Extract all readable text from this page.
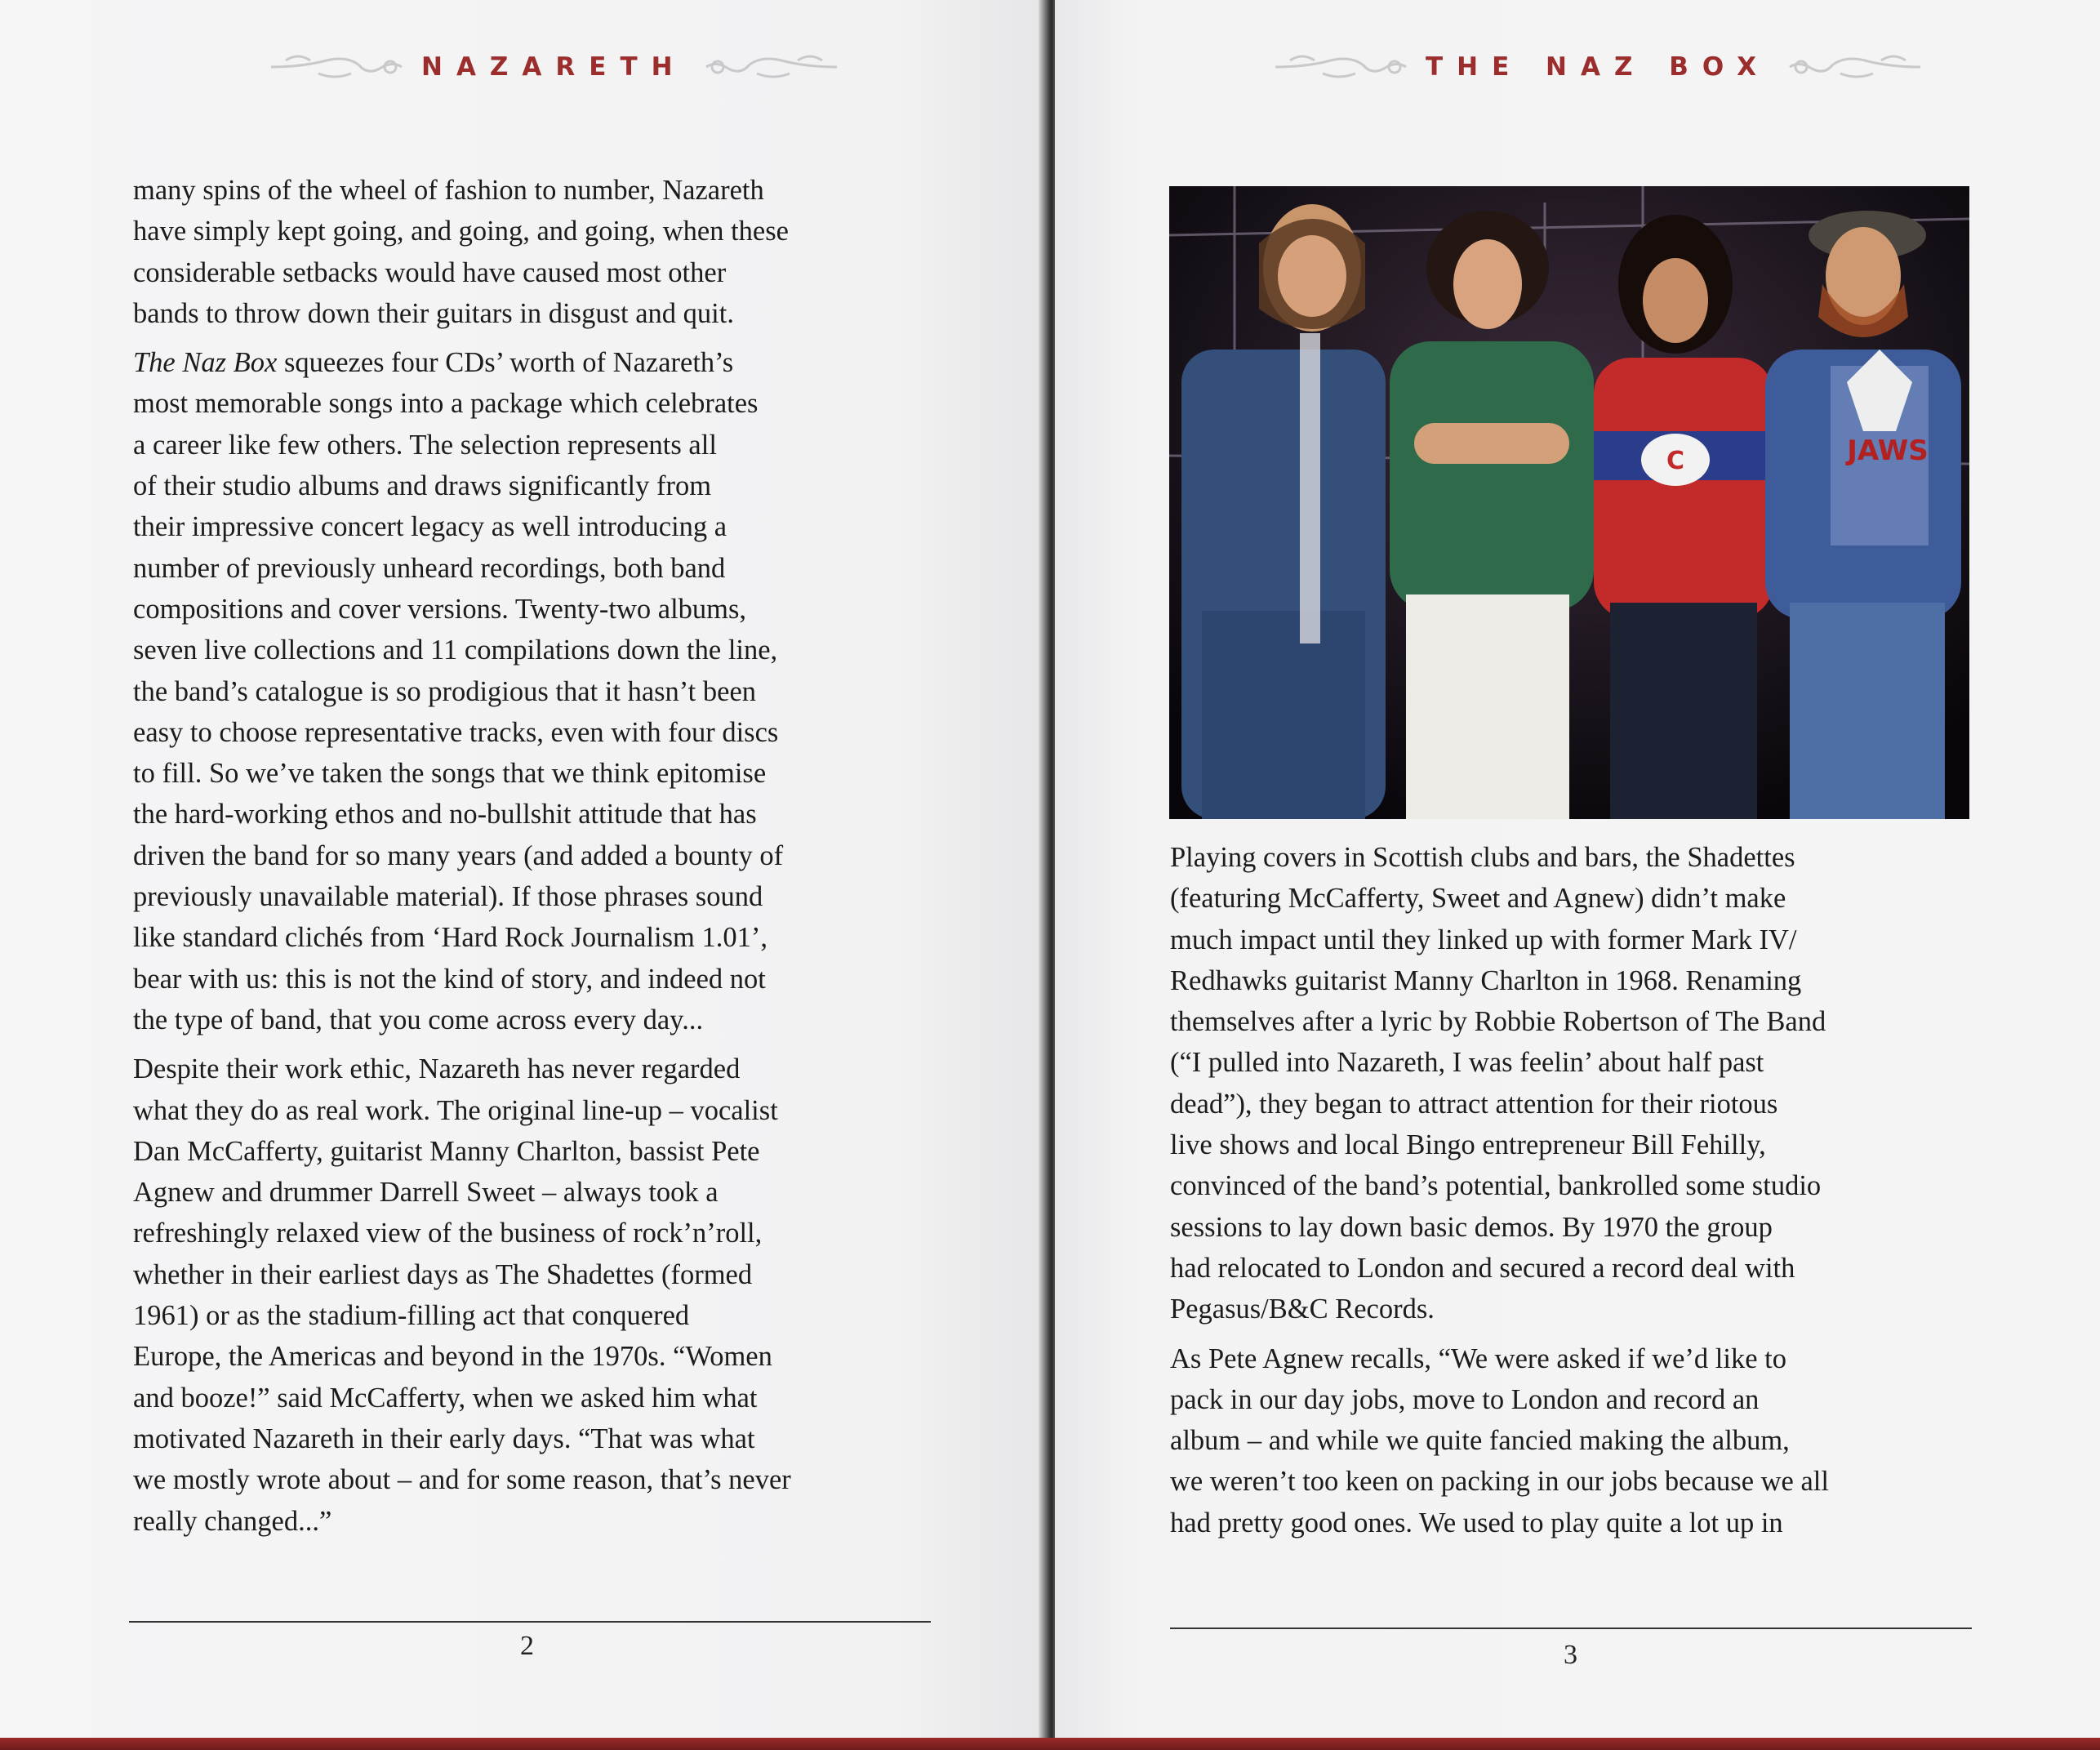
NAZARETH

many spins of the wheel of fashion to number, Nazareth
have simply kept going, and going, and going, when these
considerable setbacks would have caused most other
bands to throw down their guitars in disgust and quit.

The Naz Box squeezes four CDs’ worth of Nazareth’s
most memorable songs into a package which celebrates
a career like few others. The selection represents all
of their studio albums and draws significantly from
their impressive concert legacy as well introducing a
number of previously unheard recordings, both band
compositions and cover versions. Twenty-two albums,
seven live collections and 11 compilations down the line,
the band’s catalogue is so prodigious that it hasn’t been
easy to choose representative tracks, even with four discs
to fill. So we’ve taken the songs that we think epitomise
the hard-working ethos and no-bullshit attitude that has
driven the band for so many years (and added a bounty of
previously unavailable material). If those phrases sound
like standard clichés from ‘Hard Rock Journalism 1.01’,
bear with us: this is not the kind of story, and indeed not
the type of band, that you come across every day...

Despite their work ethic, Nazareth has never regarded
what they do as real work. The original line-up – vocalist
Dan McCafferty, guitarist Manny Charlton, bassist Pete
Agnew and drummer Darrell Sweet – always took a
refreshingly relaxed view of the business of rock’n’roll,
whether in their earliest days as The Shadettes (formed
1961) or as the stadium-filling act that conquered
Europe, the Americas and beyond in the 1970s. “Women
and booze!” said McCafferty, when we asked him what
motivated Nazareth in their early days. “That was what
we mostly wrote about – and for some reason, that’s never
really changed...”

2
THE NAZ BOX
C	JAWS

Playing covers in Scottish clubs and bars, the Shadettes
(featuring McCafferty, Sweet and Agnew) didn’t make
much impact until they linked up with former Mark IV/
Redhawks guitarist Manny Charlton in 1968. Renaming
themselves after a lyric by Robbie Robertson of The Band
(“I pulled into Nazareth, I was feelin’ about half past
dead”), they began to attract attention for their riotous
live shows and local Bingo entrepreneur Bill Fehilly,
convinced of the band’s potential, bankrolled some studio
sessions to lay down basic demos. By 1970 the group
had relocated to London and secured a record deal with
Pegasus/B&C Records.

As Pete Agnew recalls, “We were asked if we’d like to
pack in our day jobs, move to London and record an
album – and while we quite fancied making the album,
we weren’t too keen on packing in our jobs because we all
had pretty good ones. We used to play quite a lot up in

3
